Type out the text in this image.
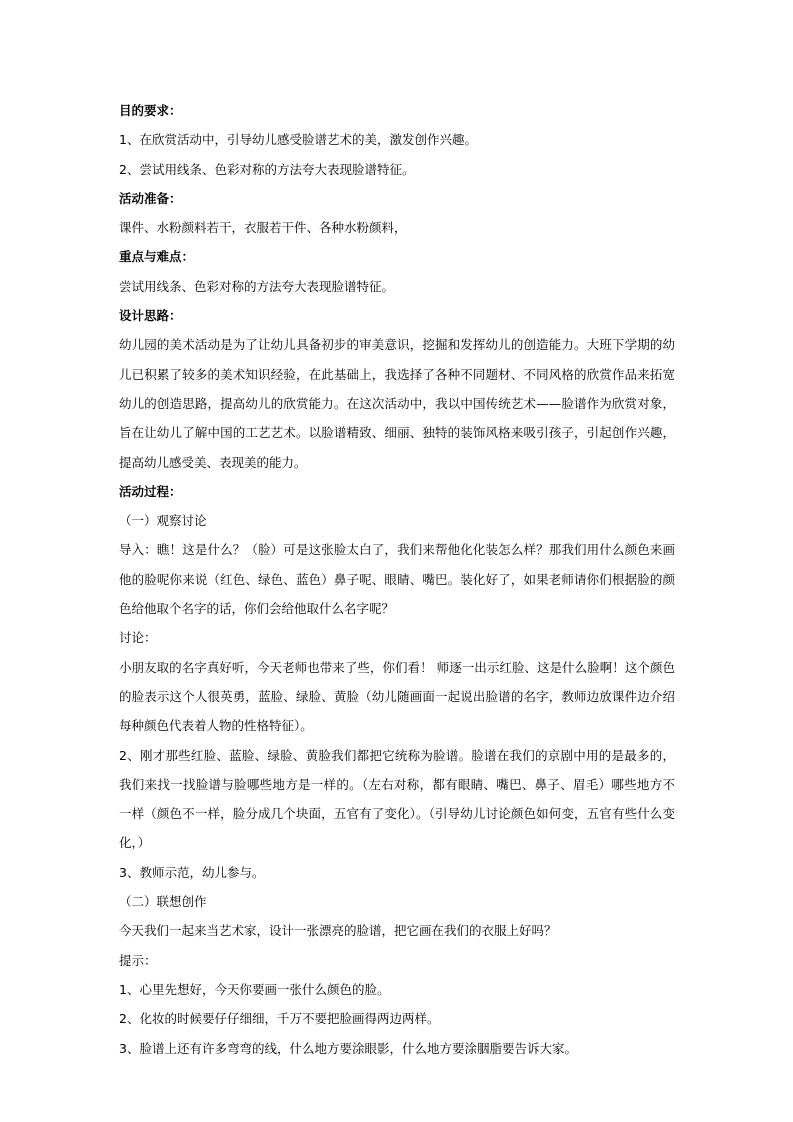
目的要求：

1、在欣赏活动中，引导幼儿感受脸谱艺术的美，激发创作兴趣。

2、尝试用线条、色彩对称的方法夸大表现脸谱特征。

活动准备：

课件、水粉颜料若干，衣服若干件、各种水粉颜料，

重点与难点：

尝试用线条、色彩对称的方法夸大表现脸谱特征。

设计思路：

幼儿园的美术活动是为了让幼儿具备初步的审美意识，挖掘和发挥幼儿的创造能力。大班下学期的幼儿已积累了较多的美术知识经验，在此基础上，我选择了各种不同题材、不同风格的欣赏作品来拓宽幼儿的创造思路，提高幼儿的欣赏能力。在这次活动中，我以中国传统艺术——脸谱作为欣赏对象，旨在让幼儿了解中国的工艺艺术。以脸谱精致、细丽、独特的装饰风格来吸引孩子，引起创作兴趣，提高幼儿感受美、表现美的能力。

活动过程：

（一）观察讨论

导入：瞧！这是什么？（脸）可是这张脸太白了，我们来帮他化化装怎么样？那我们用什么颜色来画他的脸呢你来说（红色、绿色、蓝色）鼻子呢、眼睛、嘴巴。装化好了，如果老师请你们根据脸的颜色给他取个名字的话，你们会给他取什么名字呢？

讨论：

小朋友取的名字真好听，今天老师也带来了些，你们看！ 师逐一出示红脸、这是什么脸啊！这个颜色的脸表示这个人很英勇，蓝脸、绿脸、黄脸（幼儿随画面一起说出脸谱的名字，教师边放课件边介绍每种颜色代表着人物的性格特征）。

2、刚才那些红脸、蓝脸、绿脸、黄脸我们都把它统称为脸谱。脸谱在我们的京剧中用的是最多的，我们来找一找脸谱与脸哪些地方是一样的。（左右对称，都有眼睛、嘴巴、鼻子、眉毛）哪些地方不一样（颜色不一样，脸分成几个块面，五官有了变化）。（引导幼儿讨论颜色如何变，五官有些什么变化，）

3、教师示范，幼儿参与。

（二）联想创作

今天我们一起来当艺术家，设计一张漂亮的脸谱，把它画在我们的衣服上好吗？

提示：

1、心里先想好，今天你要画一张什么颜色的脸。

2、化妆的时候要仔仔细细，千万不要把脸画得两边两样。

3、脸谱上还有许多弯弯的线，什么地方要涂眼影，什么地方要涂胭脂要告诉大家。
